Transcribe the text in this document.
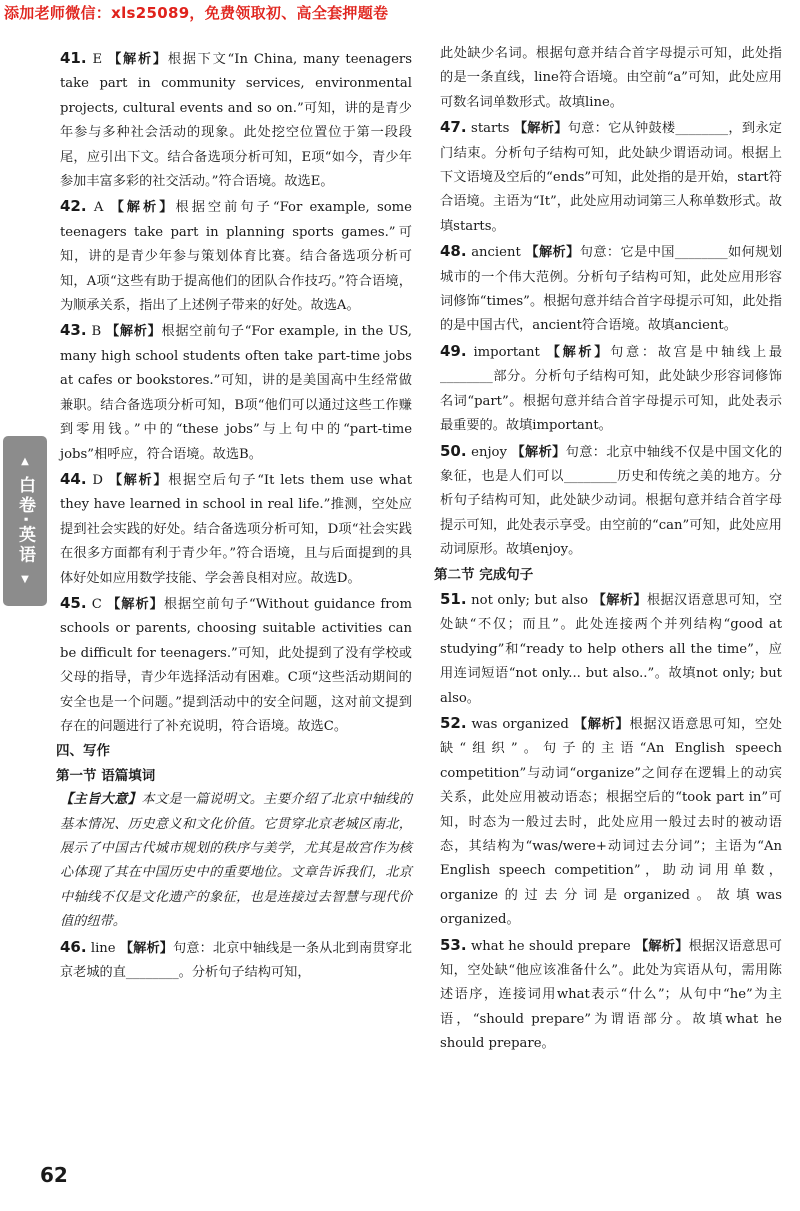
添加老师微信：xls25089，免费领取初、高全套押题卷
▲
白卷·英语
▼

41. E 【解析】根据下文“In China, many teenagers take part in community services, environmental projects, cultural events and so on.”可知，讲的是青少年参与多种社会活动的现象。此处挖空位置位于第一段段尾，应引出下文。结合备选项分析可知，E项“如今，青少年参加丰富多彩的社交活动。”符合语境。故选E。

42. A 【解析】根据空前句子“For example, some teenagers take part in planning sports games.”可知，讲的是青少年参与策划体育比赛。结合备选项分析可知，A项“这些有助于提高他们的团队合作技巧。”符合语境，为顺承关系，指出了上述例子带来的好处。故选A。

43. B 【解析】根据空前句子“For example, in the US, many high school students often take part-time jobs at cafes or bookstores.”可知，讲的是美国高中生经常做兼职。结合备选项分析可知，B项“他们可以通过这些工作赚到零用钱。”中的“these jobs”与上句中的“part-time jobs”相呼应，符合语境。故选B。

44. D 【解析】根据空后句子“It lets them use what they have learned in school in real life.”推测，空处应提到社会实践的好处。结合备选项分析可知，D项“社会实践在很多方面都有利于青少年。”符合语境，且与后面提到的具体好处如应用数学技能、学会善良相对应。故选D。

45. C 【解析】根据空前句子“Without guidance from schools or parents, choosing suitable activities can be difficult for teenagers.”可知，此处提到了没有学校或父母的指导，青少年选择活动有困难。C项“这些活动期间的安全也是一个问题。”提到活动中的安全问题，这对前文提到存在的问题进行了补充说明，符合语境。故选C。

四、写作

第一节 语篇填词

【主旨大意】本文是一篇说明文。主要介绍了北京中轴线的基本情况、历史意义和文化价值。它贯穿北京老城区南北，展示了中国古代城市规划的秩序与美学，尤其是故宫作为核心体现了其在中国历史中的重要地位。文章告诉我们，北京中轴线不仅是文化遗产的象征，也是连接过去智慧与现代价值的纽带。

46. line 【解析】句意：北京中轴线是一条从北到南贯穿北京老城的直________。分析句子结构可知，

此处缺少名词。根据句意并结合首字母提示可知，此处指的是一条直线，line符合语境。由空前“a”可知，此处应用可数名词单数形式。故填line。

47. starts 【解析】句意：它从钟鼓楼________，到永定门结束。分析句子结构可知，此处缺少谓语动词。根据上下文语境及空后的“ends”可知，此处指的是开始，start符合语境。主语为“It”，此处应用动词第三人称单数形式。故填starts。

48. ancient 【解析】句意：它是中国________如何规划城市的一个伟大范例。分析句子结构可知，此处应用形容词修饰“times”。根据句意并结合首字母提示可知，此处指的是中国古代，ancient符合语境。故填ancient。

49. important 【解析】句意：故宫是中轴线上最________部分。分析句子结构可知，此处缺少形容词修饰名词“part”。根据句意并结合首字母提示可知，此处表示最重要的。故填important。

50. enjoy 【解析】句意：北京中轴线不仅是中国文化的象征，也是人们可以________历史和传统之美的地方。分析句子结构可知，此处缺少动词。根据句意并结合首字母提示可知，此处表示享受。由空前的“can”可知，此处应用动词原形。故填enjoy。

第二节 完成句子

51. not only; but also 【解析】根据汉语意思可知，空处缺“不仅；而且”。此处连接两个并列结构“good at studying”和“ready to help others all the time”，应用连词短语“not only... but also..”。故填not only; but also。

52. was organized 【解析】根据汉语意思可知，空处缺“组织”。句子的主语“An English speech competition”与动词“organize”之间存在逻辑上的动宾关系，此处应用被动语态；根据空后的“took part in”可知，时态为一般过去时，此处应用一般过去时的被动语态，其结构为“was/were+动词过去分词”；主语为“An English speech competition”，助动词用单数，organize的过去分词是organized。故填was organized。

53. what he should prepare 【解析】根据汉语意思可知，空处缺“他应该准备什么”。此处为宾语从句，需用陈述语序，连接词用what表示“什么”；从句中“he”为主语，“should prepare”为谓语部分。故填what he should prepare。

62
